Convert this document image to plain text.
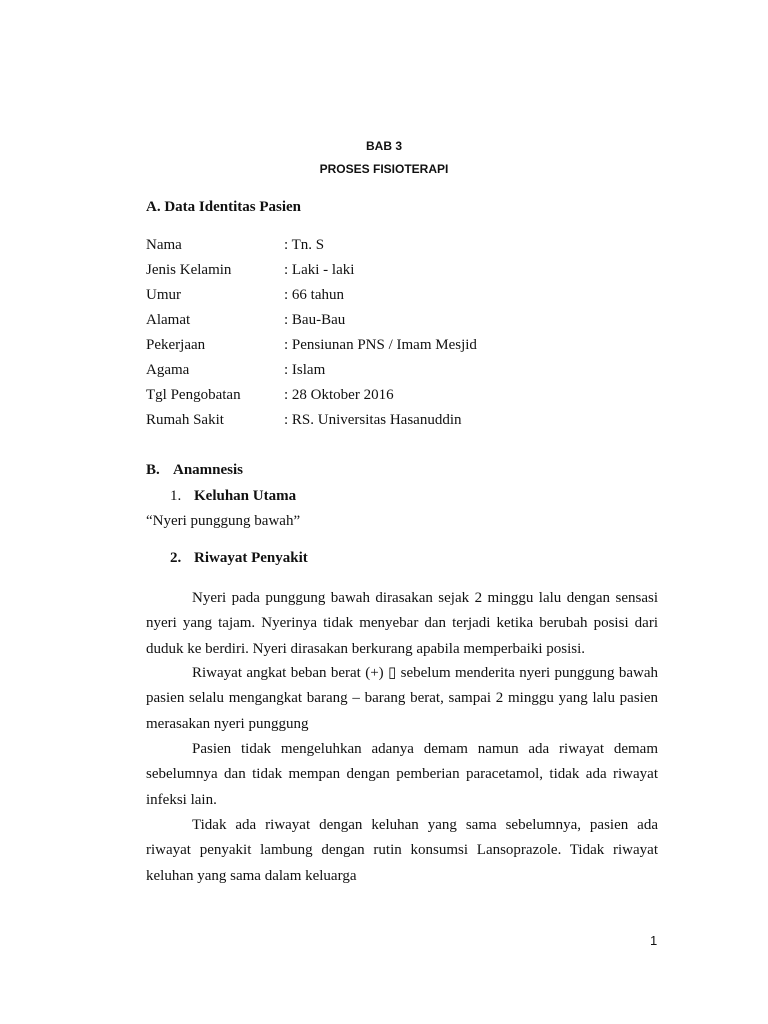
BAB 3
PROSES FISIOTERAPI
A. Data Identitas Pasien
Nama	: Tn. S
Jenis Kelamin	: Laki - laki
Umur	: 66 tahun
Alamat	: Bau-Bau
Pekerjaan	: Pensiunan PNS / Imam Mesjid
Agama	: Islam
Tgl Pengobatan	: 28 Oktober 2016
Rumah Sakit	: RS. Universitas Hasanuddin
B. Anamnesis
1. Keluhan Utama
“Nyeri punggung bawah”
2. Riwayat Penyakit

Nyeri pada punggung bawah dirasakan sejak 2 minggu lalu dengan sensasi nyeri yang tajam. Nyerinya tidak menyebar dan terjadi ketika berubah posisi dari duduk ke berdiri. Nyeri dirasakan berkurang apabila memperbaiki posisi.

Riwayat angkat beban berat (+) ▯ sebelum menderita nyeri punggung bawah pasien selalu mengangkat barang – barang berat, sampai 2 minggu yang lalu pasien merasakan nyeri punggung

Pasien tidak mengeluhkan adanya demam namun ada riwayat demam sebelumnya dan tidak mempan dengan pemberian paracetamol, tidak ada riwayat infeksi lain.

Tidak ada riwayat dengan keluhan yang sama sebelumnya, pasien ada riwayat penyakit lambung dengan rutin konsumsi Lansoprazole. Tidak riwayat keluhan yang sama dalam keluarga

1
